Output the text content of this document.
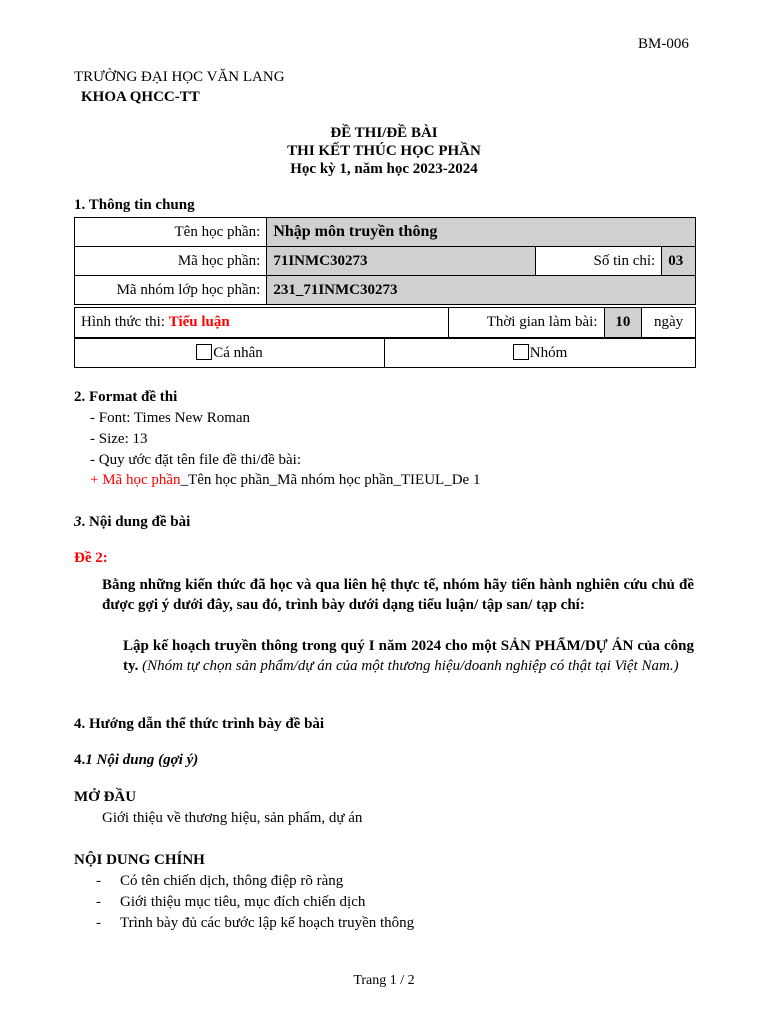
BM-006
TRƯỜNG ĐẠI HỌC VĂN LANG
KHOA QHCC-TT
ĐỀ THI/ĐỀ BÀI
THI KẾT THÚC HỌC PHẦN
Học kỳ 1, năm học 2023-2024
1. Thông tin chung
Tên học phần:	Nhập môn truyền thông		
Mã học phần:	71INMC30273	Số tin chỉ:	03
Mã nhóm lớp học phần:	231_71INMC30273		
Hình thức thi: Tiểu luận	Thời gian làm bài:	10	ngày
Cá nhân	Nhóm
2. Format đề thi
- Font: Times New Roman
- Size: 13
- Quy ước đặt tên file đề thi/đề bài:
+ Mã học phần_Tên học phần_Mã nhóm học phần_TIEUL_De 1
3. Nội dung đề bài
Đề 2:
Bằng những kiến thức đã học và qua liên hệ thực tế, nhóm hãy tiến hành nghiên cứu chủ đề được gợi ý dưới đây, sau đó, trình bày dưới dạng tiểu luận/ tập san/ tạp chí:
Lập kế hoạch truyền thông trong quý I năm 2024 cho một SẢN PHẨM/DỰ ÁN của công ty. (Nhóm tự chọn sản phẩm/dự án của một thương hiệu/doanh nghiệp có thật tại Việt Nam.)
4. Hướng dẫn thể thức trình bày đề bài
4.1 Nội dung (gợi ý)
MỞ ĐẦU
Giới thiệu về thương hiệu, sản phẩm, dự án
NỘI DUNG CHÍNH
- Có tên chiến dịch, thông điệp rõ ràng
- Giới thiệu mục tiêu, mục đích chiến dịch
- Trình bày đủ các bước lập kế hoạch truyền thông
Trang 1 / 2
